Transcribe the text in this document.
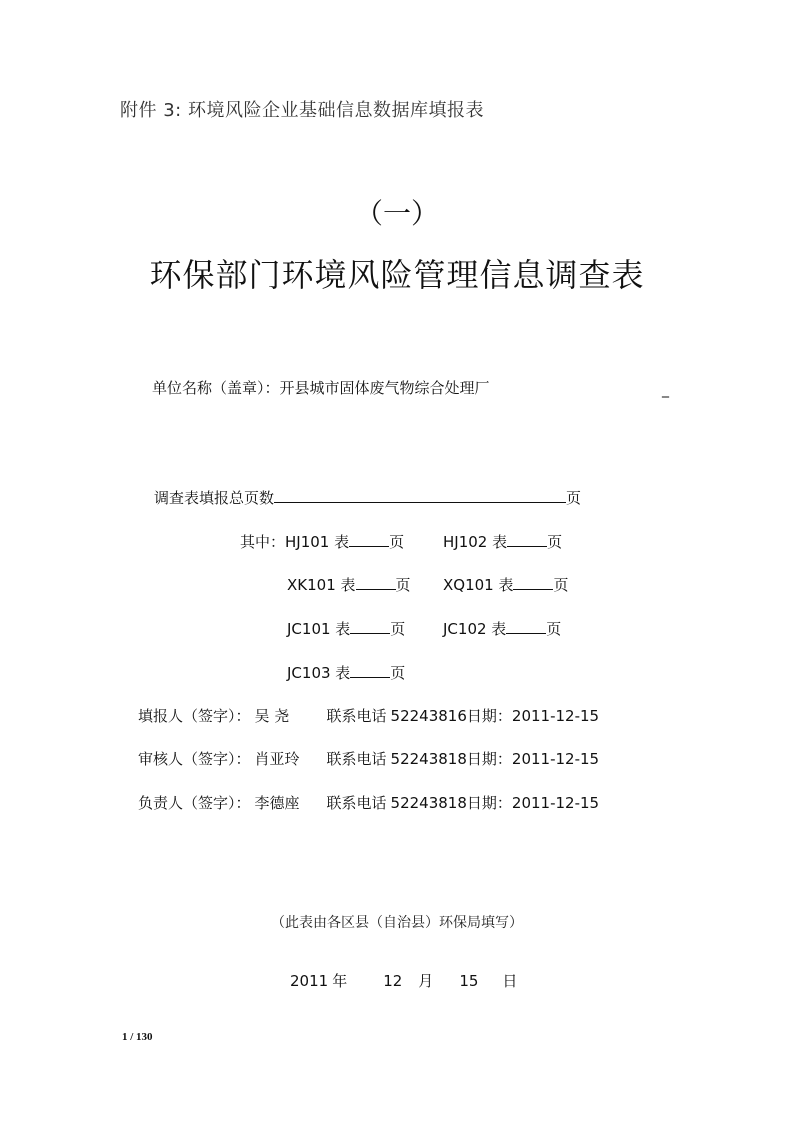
附件 3: 环境风险企业基础信息数据库填报表
（一）
环保部门环境风险管理信息调查表
单位名称（盖章）：开县城市固体废气物综合处理厂	_
调查表填报总页数	页
其中：HJ101 表	页	HJ102 表	页
XK101 表	页 XQ101 表	页
JC101 表	页	JC102 表	页
JC103 表	页
填报人（签字）： 吴 尧 联系电话 52243816日期：2011-12-15
审核人（签字）： 肖亚玲 联系电话 52243818日期：2011-12-15
负责人（签字）： 李德座 联系电话 52243818日期：2011-12-15
（此表由各区县（自治县）环保局填写）
2011 年 12 月 15 日
1 / 130
